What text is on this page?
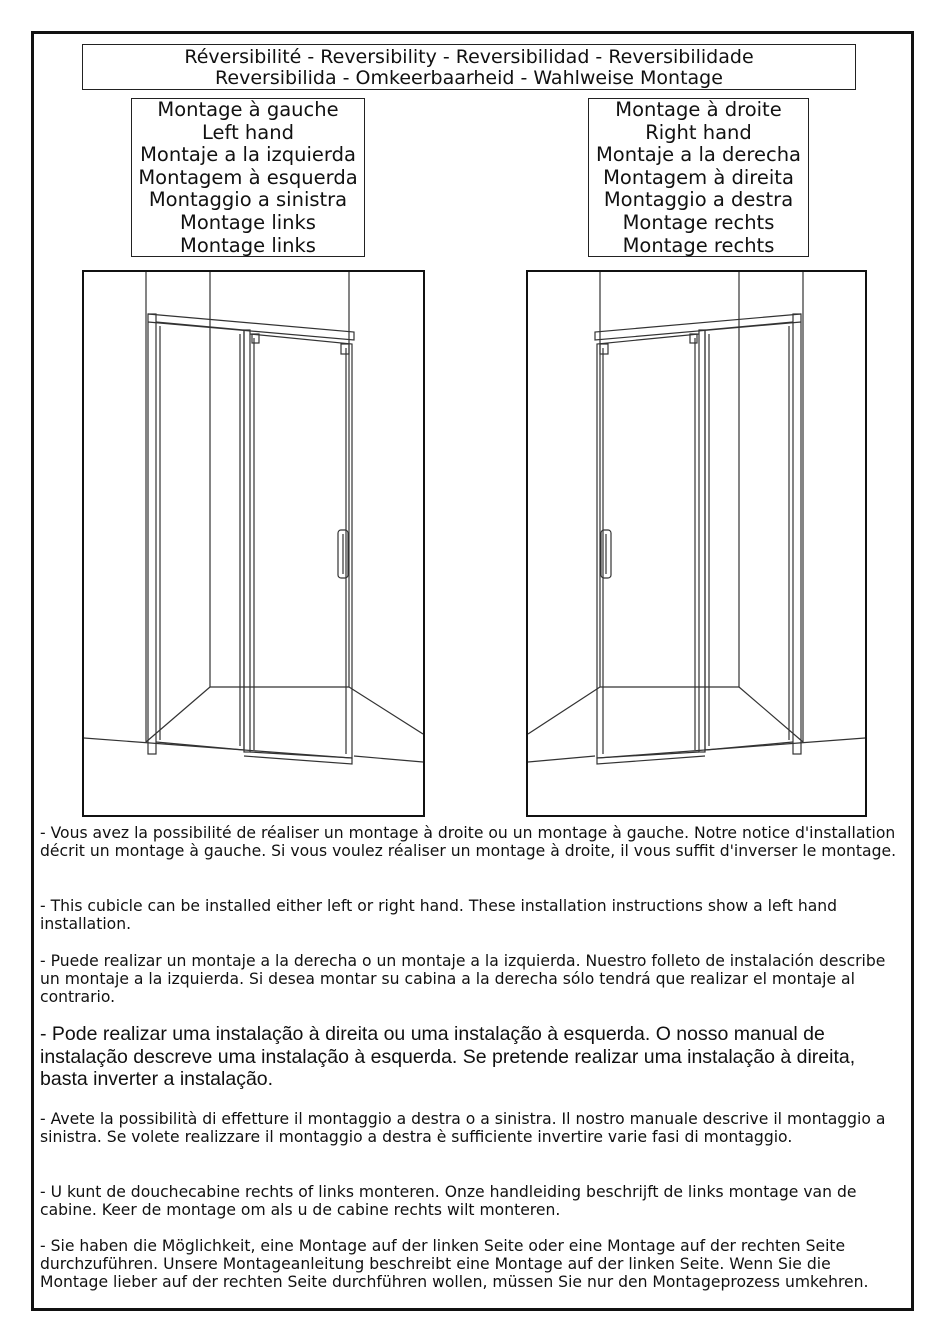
Réversibilité - Reversibility - Reversibilidad - Reversibilidade
Reversibilida - Omkeerbaarheid - Wahlweise Montage
Montage à gauche
Left hand
Montaje a la izquierda
Montagem à esquerda
Montaggio a sinistra
Montage links
Montage links
Montage à droite
Right hand
Montaje a la derecha
Montagem à direita
Montaggio a destra
Montage rechts
Montage rechts

- Vous avez la possibilité de réaliser un montage à droite ou un montage à gauche. Notre notice d'installation décrit un montage à gauche. Si vous voulez réaliser un montage à droite, il vous suffit d'inverser le montage.

- This cubicle can be installed either left or right hand. These installation instructions show a left hand installation.

- Puede realizar un montaje a la derecha o un montaje a la izquierda. Nuestro folleto de instalación describe un montaje a la izquierda. Si desea montar su cabina a la derecha sólo tendrá que realizar el montaje al contrario.

- Pode realizar uma instalação à direita ou uma instalação à esquerda. O nosso manual de instalação descreve uma instalação à esquerda. Se pretende realizar uma instalação à direita, basta inverter a instalação.

- Avete la possibilità di effetture il montaggio a destra o a sinistra. Il nostro manuale descrive il montaggio a sinistra. Se volete realizzare il montaggio a destra è sufficiente invertire varie fasi di montaggio.

- U kunt de douchecabine rechts of links monteren. Onze handleiding beschrijft de links montage van de cabine. Keer de montage om als u de cabine rechts wilt monteren.

- Sie haben die Möglichkeit, eine Montage auf der linken Seite oder eine Montage auf der rechten Seite durchzuführen. Unsere Montageanleitung beschreibt eine Montage auf der linken Seite. Wenn Sie die Montage lieber auf der rechten Seite durchführen wollen, müssen Sie nur den Montageprozess umkehren.
